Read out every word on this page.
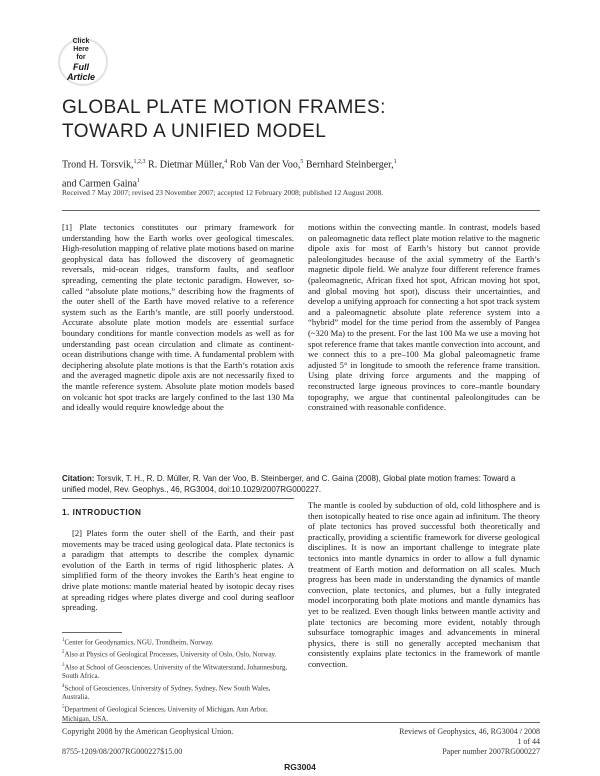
Click
Here
for
Full
Article
GLOBAL PLATE MOTION FRAMES:
TOWARD A UNIFIED MODEL
Trond H. Torsvik,$^{1,2,3}$ R. Dietmar Müller,$^4$ Rob Van der Voo,$^5$ Bernhard Steinberger,$^1$
and Carmen Gaina$^1$
Received 7 May 2007; revised 23 November 2007; accepted 12 February 2008; published 12 August 2008.

[1] Plate tectonics constitutes our primary framework for understanding how the Earth works over geological timescales. High-resolution mapping of relative plate motions based on marine geophysical data has followed the discovery of geomagnetic reversals, mid-ocean ridges, transform faults, and seafloor spreading, cementing the plate tectonic paradigm. However, so-called “absolute plate motions,” describing how the fragments of the outer shell of the Earth have moved relative to a reference system such as the Earth’s mantle, are still poorly understood. Accurate absolute plate motion models are essential surface boundary conditions for mantle convection models as well as for understanding past ocean circulation and climate as continent-ocean distributions change with time. A fundamental problem with deciphering absolute plate motions is that the Earth’s rotation axis and the averaged magnetic dipole axis are not necessarily fixed to the mantle reference system. Absolute plate motion models based on volcanic hot spot tracks are largely confined to the last 130 Ma and ideally would require knowledge about the

motions within the convecting mantle. In contrast, models based on paleomagnetic data reflect plate motion relative to the magnetic dipole axis for most of Earth’s history but cannot provide paleolongitudes because of the axial symmetry of the Earth’s magnetic dipole field. We analyze four different reference frames (paleomagnetic, African fixed hot spot, African moving hot spot, and global moving hot spot), discuss their uncertainties, and develop a unifying approach for connecting a hot spot track system and a paleomagnetic absolute plate reference system into a “hybrid” model for the time period from the assembly of Pangea (~320 Ma) to the present. For the last 100 Ma we use a moving hot spot reference frame that takes mantle convection into account, and we connect this to a pre–100 Ma global paleomagnetic frame adjusted 5° in longitude to smooth the reference frame transition. Using plate driving force arguments and the mapping of reconstructed large igneous provinces to core–mantle boundary topography, we argue that continental paleolongitudes can be constrained with reasonable confidence.

Citation: Torsvik, T. H., R. D. Müller, R. Van der Voo, B. Steinberger, and C. Gaina (2008), Global plate motion frames: Toward a unified model, Rev. Geophys., 46, RG3004, doi:10.1029/2007RG000227.
1. INTRODUCTION

[2] Plates form the outer shell of the Earth, and their past movements may be traced using geological data. Plate tectonics is a paradigm that attempts to describe the complex dynamic evolution of the Earth in terms of rigid lithospheric plates. A simplified form of the theory invokes the Earth’s heat engine to drive plate motions: mantle material heated by isotopic decay rises at spreading ridges where plates diverge and cool during seafloor spreading.

The mantle is cooled by subduction of old, cold lithosphere and is then isotopically heated to rise once again ad infinitum. The theory of plate tectonics has proved successful both theoretically and practically, providing a scientific framework for diverse geological disciplines. It is now an important challenge to integrate plate tectonics into mantle dynamics in order to allow a full dynamic treatment of Earth motion and deformation on all scales. Much progress has been made in understanding the dynamics of mantle convection, plate tectonics, and plumes, but a fully integrated model incorporating both plate motions and mantle dynamics has yet to be realized. Even though links between mantle activity and plate tectonics are becoming more evident, notably through subsurface tomographic images and advancements in mineral physics, there is still no generally accepted mechanism that consistently explains plate tectonics in the framework of mantle convection.

$^1$Center for Geodynamics, NGU, Trondheim, Norway.

$^2$Also at Physics of Geological Processes, University of Oslo, Oslo, Norway.

$^3$Also at School of Geosciences, University of the Witwatersrand, Johannesburg, South Africa.

$^4$School of Geosciences, University of Sydney, Sydney, New South Wales, Australia.

$^5$Department of Geological Sciences, University of Michigan, Ann Arbor, Michigan, USA.

Copyright 2008 by the American Geophysical Union.
8755-1209/08/2007RG000227$15.00
Reviews of Geophysics, 46, RG3004 / 2008
1 of 44
Paper number 2007RG000227
RG3004
